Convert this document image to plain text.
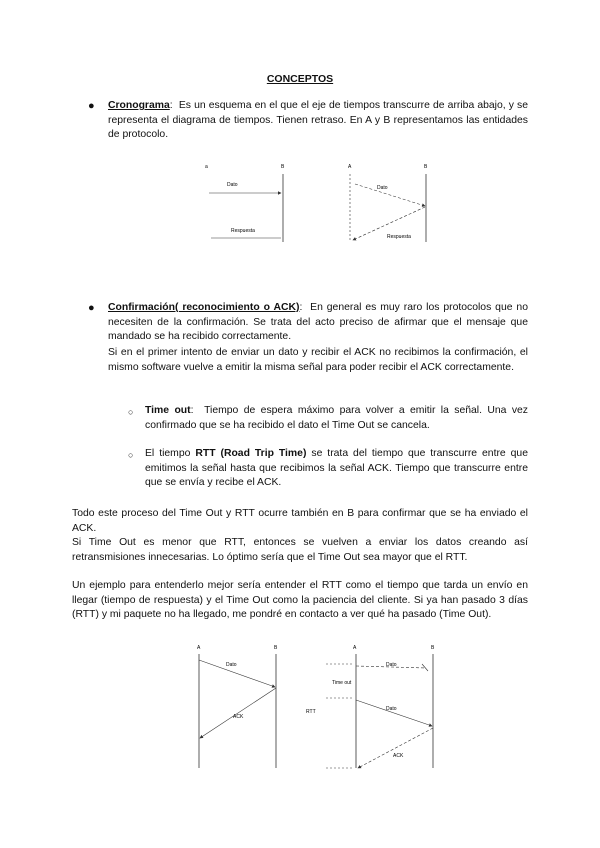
CONCEPTOS
● Cronograma:  Es un esquema en el que el eje de tiempos transcurre de arriba abajo, y se representa el diagrama de tiempos. Tienen retraso. En A y B representamos las entidades de protocolo.
a	B
Dato
Respuesta
A	B
Dato
Respuesta
● Confirmación( reconocimiento o ACK):  En general es muy raro los protocolos que no necesiten de la confirmación. Se trata del acto preciso de afirmar que el mensaje que mandado se ha recibido correctamente.
Si en el primer intento de enviar un dato y recibir el ACK no recibimos la confirmación, el mismo software vuelve a emitir la misma señal para poder recibir el ACK correctamente.
○ Time out:  Tiempo de espera máximo para volver a emitir la señal. Una vez confirmado que se ha recibido el dato el Time Out se cancela.
○ El tiempo RTT (Road Trip Time) se trata del tiempo que transcurre entre que emitimos la señal hasta que recibimos la señal ACK. Tiempo que transcurre entre que se envía y recibe el ACK.
Todo este proceso del Time Out y RTT ocurre también en B para confirmar que se ha enviado el ACK.
Si Time Out es menor que RTT, entonces se vuelven a enviar los datos creando así retransmisiones innecesarias. Lo óptimo sería que el Time Out sea mayor que el RTT.
Un ejemplo para entenderlo mejor sería entender el RTT como el tiempo que tarda un envío en llegar (tiempo de respuesta) y el Time Out como la paciencia del cliente. Si ya han pasado 3 días (RTT) y mi paquete no ha llegado, me pondré en contacto a ver qué ha pasado (Time Out).
A	B
Dato
ACK
A	B
Time out
RTT
Dato
Dato
ACK
